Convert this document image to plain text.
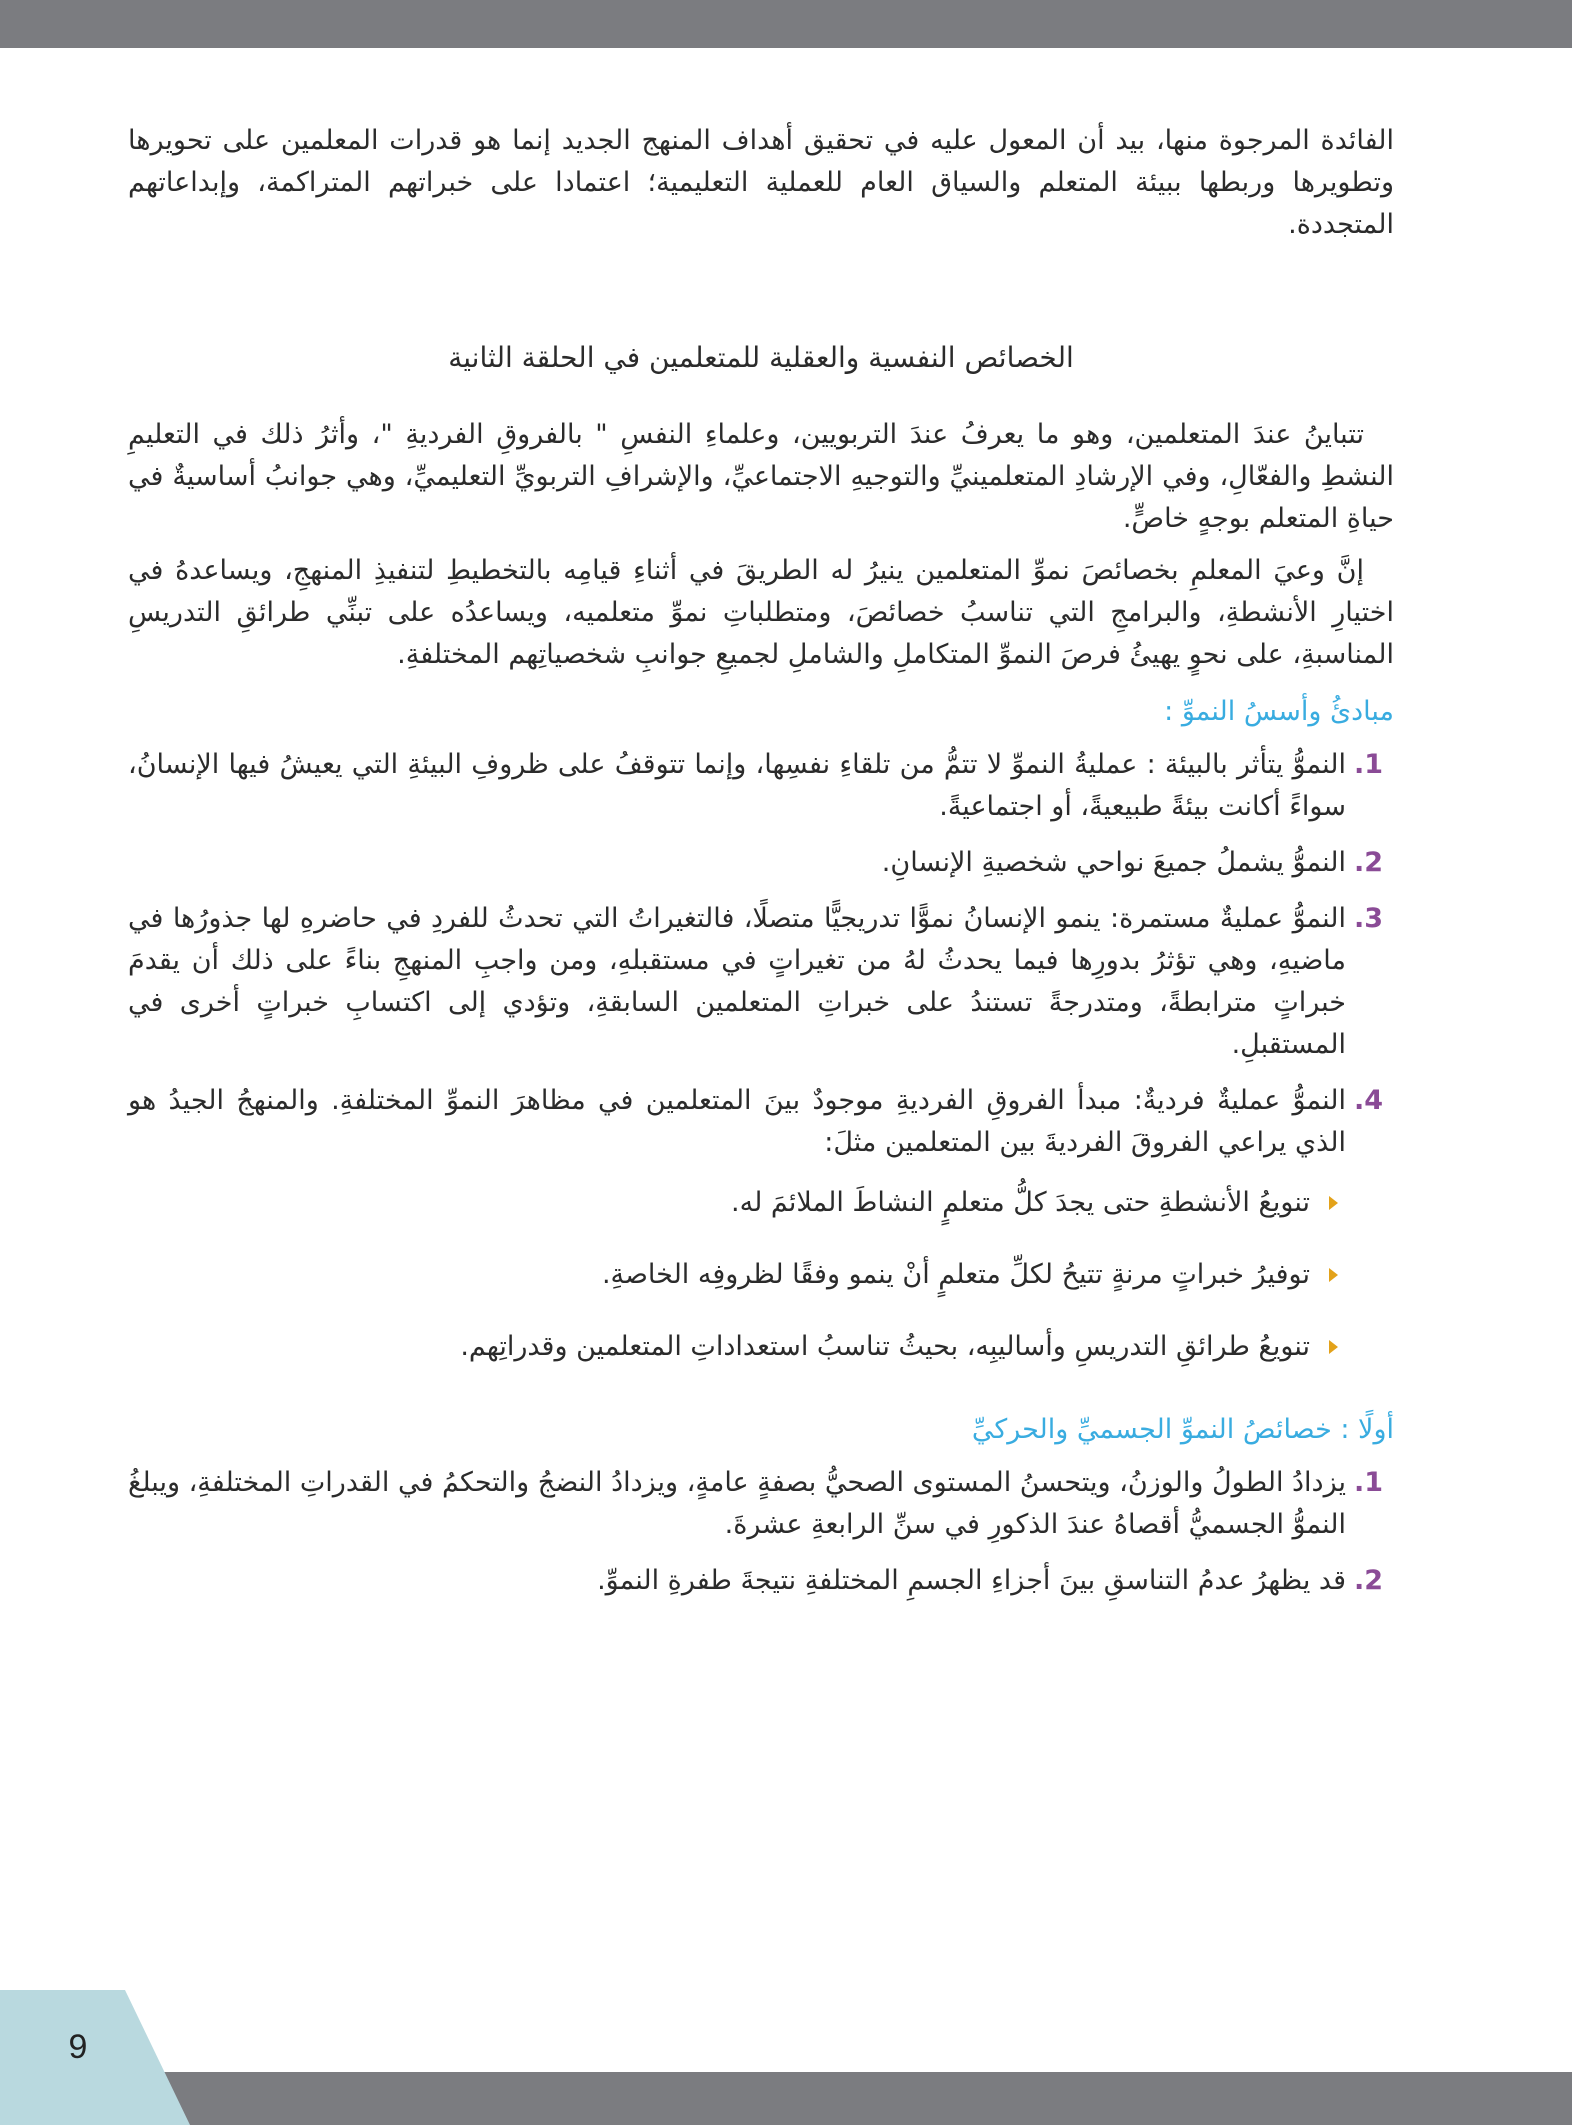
الفائدة المرجوة منها، بيد أن المعول عليه في تحقيق أهداف المنهج الجديد إنما هو قدرات المعلمين على تحويرها وتطويرها وربطها ببيئة المتعلم والسياق العام للعملية التعليمية؛ اعتمادا على خبراتهم المتراكمة، وإبداعاتهم المتجددة.

الخصائص النفسية والعقلية للمتعلمين في الحلقة الثانية

تتباينُ عندَ المتعلمين، وهو ما يعرفُ عندَ التربويين، وعلماءِ النفسِ " بالفروقِ الفرديةِ "، وأثرُ ذلك في التعليمِ النشطِ والفعّالِ، وفي الإرشادِ المتعلمينيِّ والتوجيهِ الاجتماعيِّ، والإشرافِ التربويِّ التعليميِّ، وهي جوانبُ أساسيةٌ في حياةِ المتعلم بوجهٍ خاصٍّ.

إنَّ وعيَ المعلمِ بخصائصَ نموِّ المتعلمين ينيرُ له الطريقَ في أثناءِ قيامِه بالتخطيطِ لتنفيذِ المنهجِ، ويساعدهُ في اختيارِ الأنشطةِ، والبرامجِ التي تناسبُ خصائصَ، ومتطلباتِ نموِّ متعلميه، ويساعدُه على تبنِّي طرائقِ التدريسِ المناسبةِ، على نحوٍ يهيئُ فرصَ النموِّ المتكاملِ والشاملِ لجميعِ جوانبِ شخصياتِهم المختلفةِ.

مبادئُ وأسسُ النموِّ :

1.
النموُّ يتأثر بالبيئة : عمليةُ النموِّ لا تتمُّ من تلقاءِ نفسِها، وإنما تتوقفُ على ظروفِ البيئةِ التي يعيشُ فيها الإنسانُ، سواءً أكانت بيئةً طبيعيةً، أو اجتماعيةً.
2.
النموُّ يشملُ جميعَ نواحي شخصيةِ الإنسانِ.
3.
النموُّ عمليةٌ مستمرة: ينمو الإنسانُ نموًّا تدريجيًّا متصلًا، فالتغيراتُ التي تحدثُ للفردِ في حاضرهِ لها جذورُها في ماضيهِ، وهي تؤثرُ بدورِها فيما يحدثُ لهُ من تغيراتٍ في مستقبلهِ، ومن واجبِ المنهجِ بناءً على ذلك أن يقدمَ خبراتٍ مترابطةً، ومتدرجةً تستندُ على خبراتِ المتعلمين السابقةِ، وتؤدي إلى اكتسابِ خبراتٍ أخرى في المستقبلِ.
4.
النموُّ عمليةٌ فرديةٌ: مبدأ الفروقِ الفرديةِ موجودٌ بينَ المتعلمين في مظاهرَ النموِّ المختلفةِ. والمنهجُ الجيدُ هو الذي يراعي الفروقَ الفرديةَ بين المتعلمين مثلَ:
تنويعُ الأنشطةِ حتى يجدَ كلُّ متعلمٍ النشاطَ الملائمَ له.
توفيرُ خبراتٍ مرنةٍ تتيحُ لكلِّ متعلمٍ أنْ ينمو وفقًا لظروفِه الخاصةِ.
تنويعُ طرائقِ التدريسِ وأساليبِه، بحيثُ تناسبُ استعداداتِ المتعلمين وقدراتِهم.

أولًا : خصائصُ النموِّ الجسميِّ والحركيِّ

1.
يزدادُ الطولُ والوزنُ، ويتحسنُ المستوى الصحيُّ بصفةٍ عامةٍ، ويزدادُ النضجُ والتحكمُ في القدراتِ المختلفةِ، ويبلغُ النموُّ الجسميُّ أقصاهُ عندَ الذكورِ في سنِّ الرابعةِ عشرةَ.
2.
قد يظهرُ عدمُ التناسقِ بينَ أجزاءِ الجسمِ المختلفةِ نتيجةَ طفرةِ النموِّ.
9
